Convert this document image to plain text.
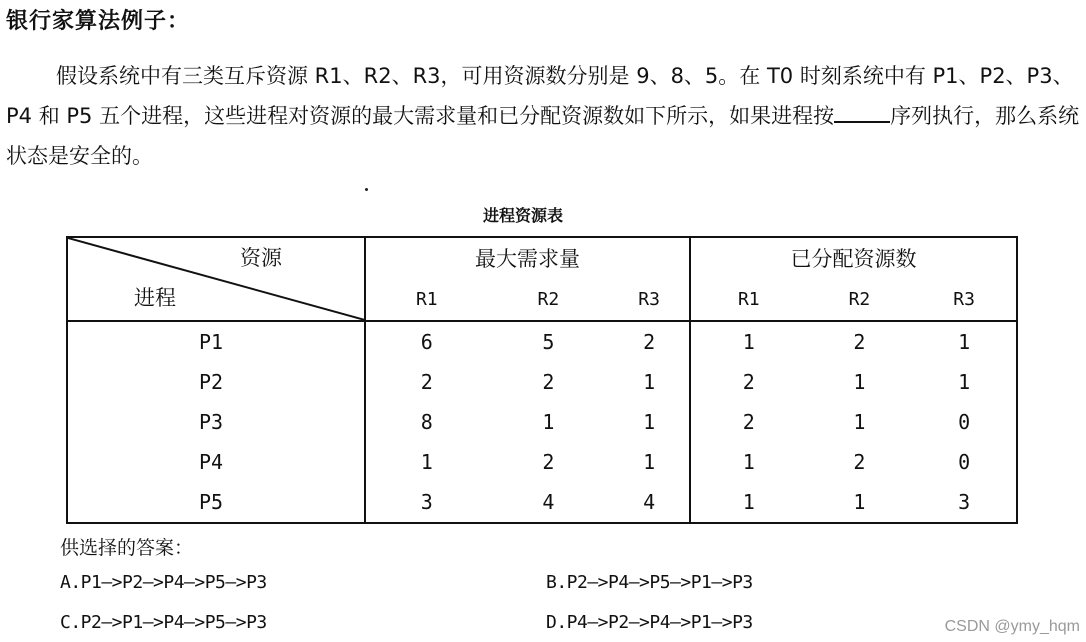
银行家算法例子：
假设系统中有三类互斥资源 R1、R2、R3，可用资源数分别是 9、8、5。在 T0 时刻系统中有 P1、P2、P3、P4 和 P5 五个进程，这些进程对资源的最大需求量和已分配资源数如下所示，如果进程按	序列执行，那么系统状态是安全的。
进程资源表
资源
进程	最大需求量			已分配资源数		
	R1	R2	R3	R1	R2	R3
P1	6	5	2	1	2	1
P2	2	2	1	2	1	1
P3	8	1	1	2	1	0
P4	1	2	1	1	2	0
P5	3	4	4	1	1	3
供选择的答案：
A.P1—>P2—>P4—>P5—>P3	B.P2—>P4—>P5—>P1—>P3
C.P2—>P1—>P4—>P5—>P3	D.P4—>P2—>P4—>P1—>P3	CSDN @ymy_hqm
